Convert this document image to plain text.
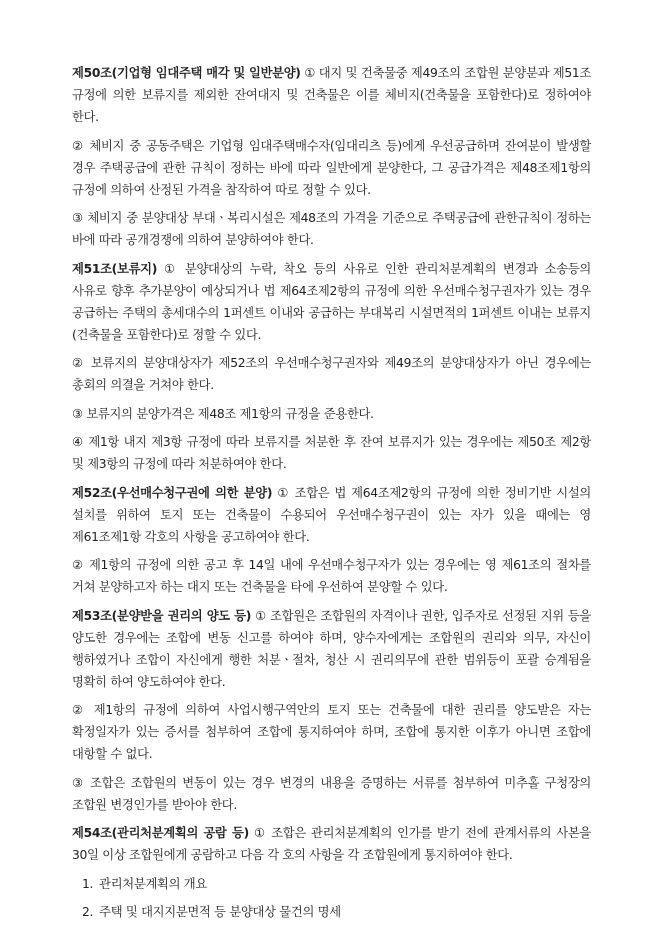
제50조(기업형 임대주택 매각 및 일반분양) ① 대지 및 건축물중 제49조의 조합원 분양분과 제51조 규정에 의한 보류지를 제외한 잔여대지 및 건축물은 이를 체비지(건축물을 포함한다)로 정하여야 한다.

② 체비지 중 공동주택은 기업형 임대주택매수자(임대리츠 등)에게 우선공급하며 잔여분이 발생할 경우 주택공급에 관한 규칙이 정하는 바에 따라 일반에게 분양한다, 그 공급가격은 제48조제1항의 규정에 의하여 산정된 가격을 참작하여 따로 정할 수 있다.

③ 체비지 중 분양대상 부대ㆍ복리시설은 제48조의 가격을 기준으로 주택공급에 관한규칙이 정하는 바에 따라 공개경쟁에 의하여 분양하여야 한다.

제51조(보류지) ① 분양대상의 누락, 착오 등의 사유로 인한 관리처분계획의 변경과 소송등의 사유로 향후 추가분양이 예상되거나 법 제64조제2항의 규정에 의한 우선매수청구권자가 있는 경우 공급하는 주택의 총세대수의 1퍼센트 이내와 공급하는 부대복리 시설면적의 1퍼센트 이내는 보류지(건축물을 포함한다)로 정할 수 있다.

② 보류지의 분양대상자가 제52조의 우선매수청구권자와 제49조의 분양대상자가 아닌 경우에는 총회의 의결을 거쳐야 한다.

③ 보류지의 분양가격은 제48조 제1항의 규정을 준용한다.

④ 제1항 내지 제3항 규정에 따라 보류지를 처분한 후 잔여 보류지가 있는 경우에는 제50조 제2항 및 제3항의 규정에 따라 처분하여야 한다.

제52조(우선매수청구권에 의한 분양) ① 조합은 법 제64조제2항의 규정에 의한 정비기반 시설의 설치를 위하여 토지 또는 건축물이 수용되어 우선매수청구권이 있는 자가 있을 때에는 영 제61조제1항 각호의 사항을 공고하여야 한다.

② 제1항의 규정에 의한 공고 후 14일 내에 우선매수청구자가 있는 경우에는 영 제61조의 절차를 거쳐 분양하고자 하는 대지 또는 건축물을 타에 우선하여 분양할 수 있다.

제53조(분양받을 권리의 양도 등) ① 조합원은 조합원의 자격이나 권한, 입주자로 선정된 지위 등을 양도한 경우에는 조합에 변동 신고를 하여야 하며, 양수자에게는 조합원의 권리와 의무, 자신이 행하였거나 조합이 자신에게 행한 처분ㆍ절차, 청산 시 권리의무에 관한 범위등이 포괄 승계됨을 명확히 하여 양도하여야 한다.

② 제1항의 규정에 의하여 사업시행구역안의 토지 또는 건축물에 대한 권리를 양도받은 자는 확정일자가 있는 증서를 첨부하여 조합에 통지하여야 하며, 조합에 통지한 이후가 아니면 조합에 대항할 수 없다.

③ 조합은 조합원의 변동이 있는 경우 변경의 내용을 증명하는 서류를 첨부하여 미추홀 구청장의 조합원 변경인가를 받아야 한다.

제54조(관리처분계획의 공람 등) ① 조합은 관리처분계획의 인가를 받기 전에 관계서류의 사본을 30일 이상 조합원에게 공람하고 다음 각 호의 사항을 각 조합원에게 통지하여야 한다.

1. 관리처분계획의 개요
2. 주택 및 대지지분면적 등 분양대상 물건의 명세
